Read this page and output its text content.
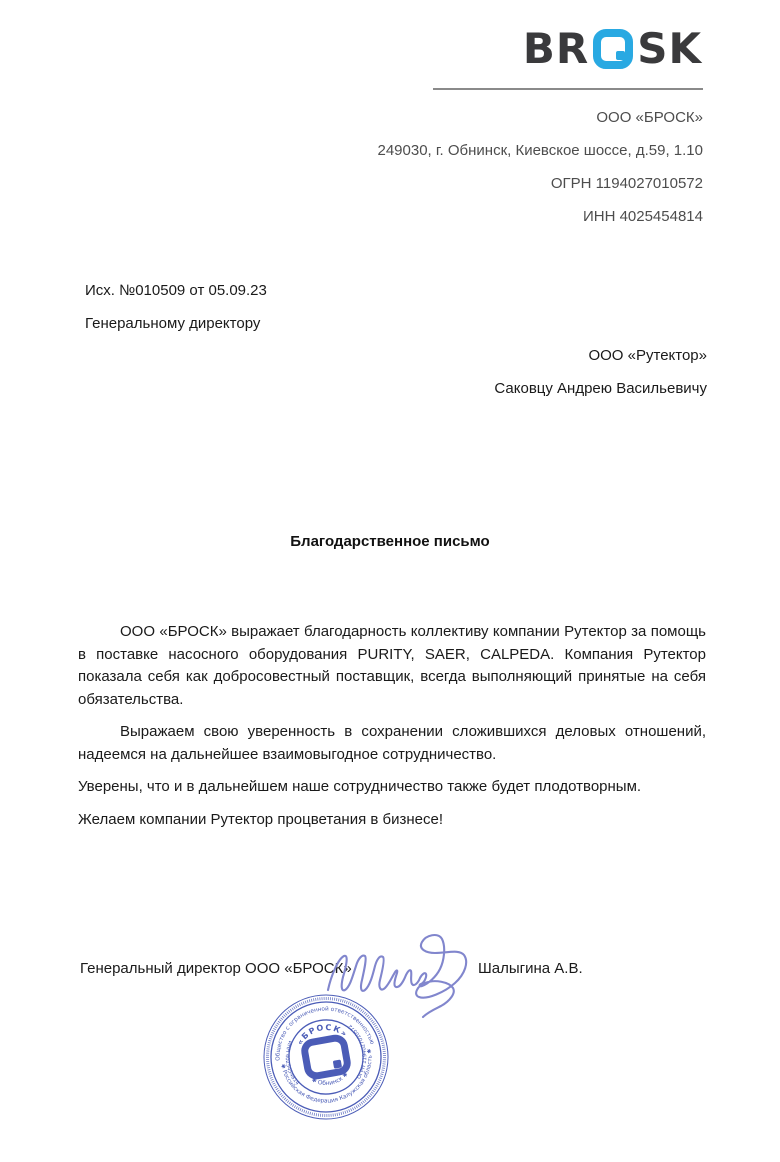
BR SK
ООО «БРОСК»
249030, г. Обнинск, Киевское шоссе, д.59, 1.10
ОГРН 1194027010572
ИНН 4025454814
Исх. №010509 от 05.09.23
Генеральному директору
ООО «Рутектор»
Саковцу Андрею Васильевичу
Благодарственное письмо

ООО «БРОСК» выражает благодарность коллективу компании Рутектор за помощь в поставке насосного оборудования PURITY, SAER, CALPEDA. Компания Рутектор показала себя как добросовестный поставщик, всегда выполняющий принятые на себя обязательства.

Выражаем свою уверенность в сохранении сложившихся деловых отношений, надеемся на дальнейшее взаимовыгодное сотрудничество.

Уверены, что и в дальнейшем наше сотрудничество также будет плодотворным.

Желаем компании Рутектор процветания в бизнесе!

Генеральный директор ООО «БРОСК»	Шалыгина А.В.
Общество с ограниченной ответственностью
✱ Российская Федерация Калужская область ✱
ИНН 4025454814
ОГРН 1194027010572
«БРОСК»
✱ Обнинск ✱
